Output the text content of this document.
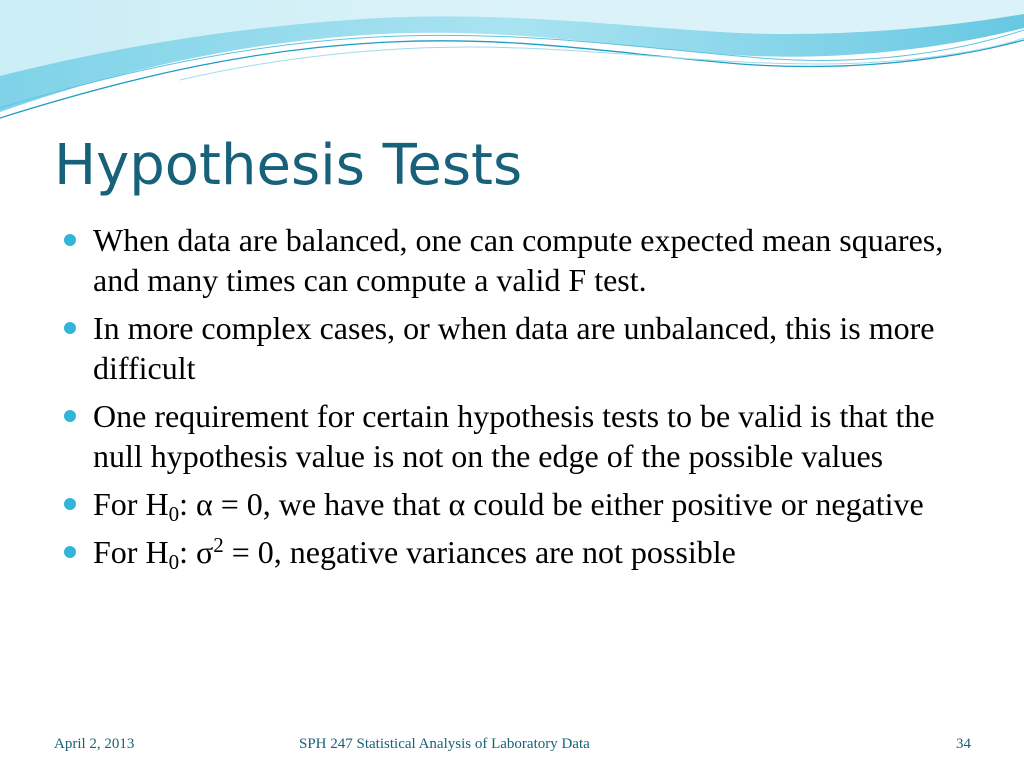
Hypothesis Tests
When data are balanced, one can compute expected mean squares, and many times can compute a valid F test.
In more complex cases, or when data are unbalanced, this is more difficult
One requirement for certain hypothesis tests to be valid is that the null hypothesis value is not on the edge of the possible values
For $H_0$: α = 0, we have that α could be either positive or negative
For $H_0$: $\sigma^2 = 0$, negative variances are not possible
April 2, 2013	SPH 247 Statistical Analysis of Laboratory Data	34
